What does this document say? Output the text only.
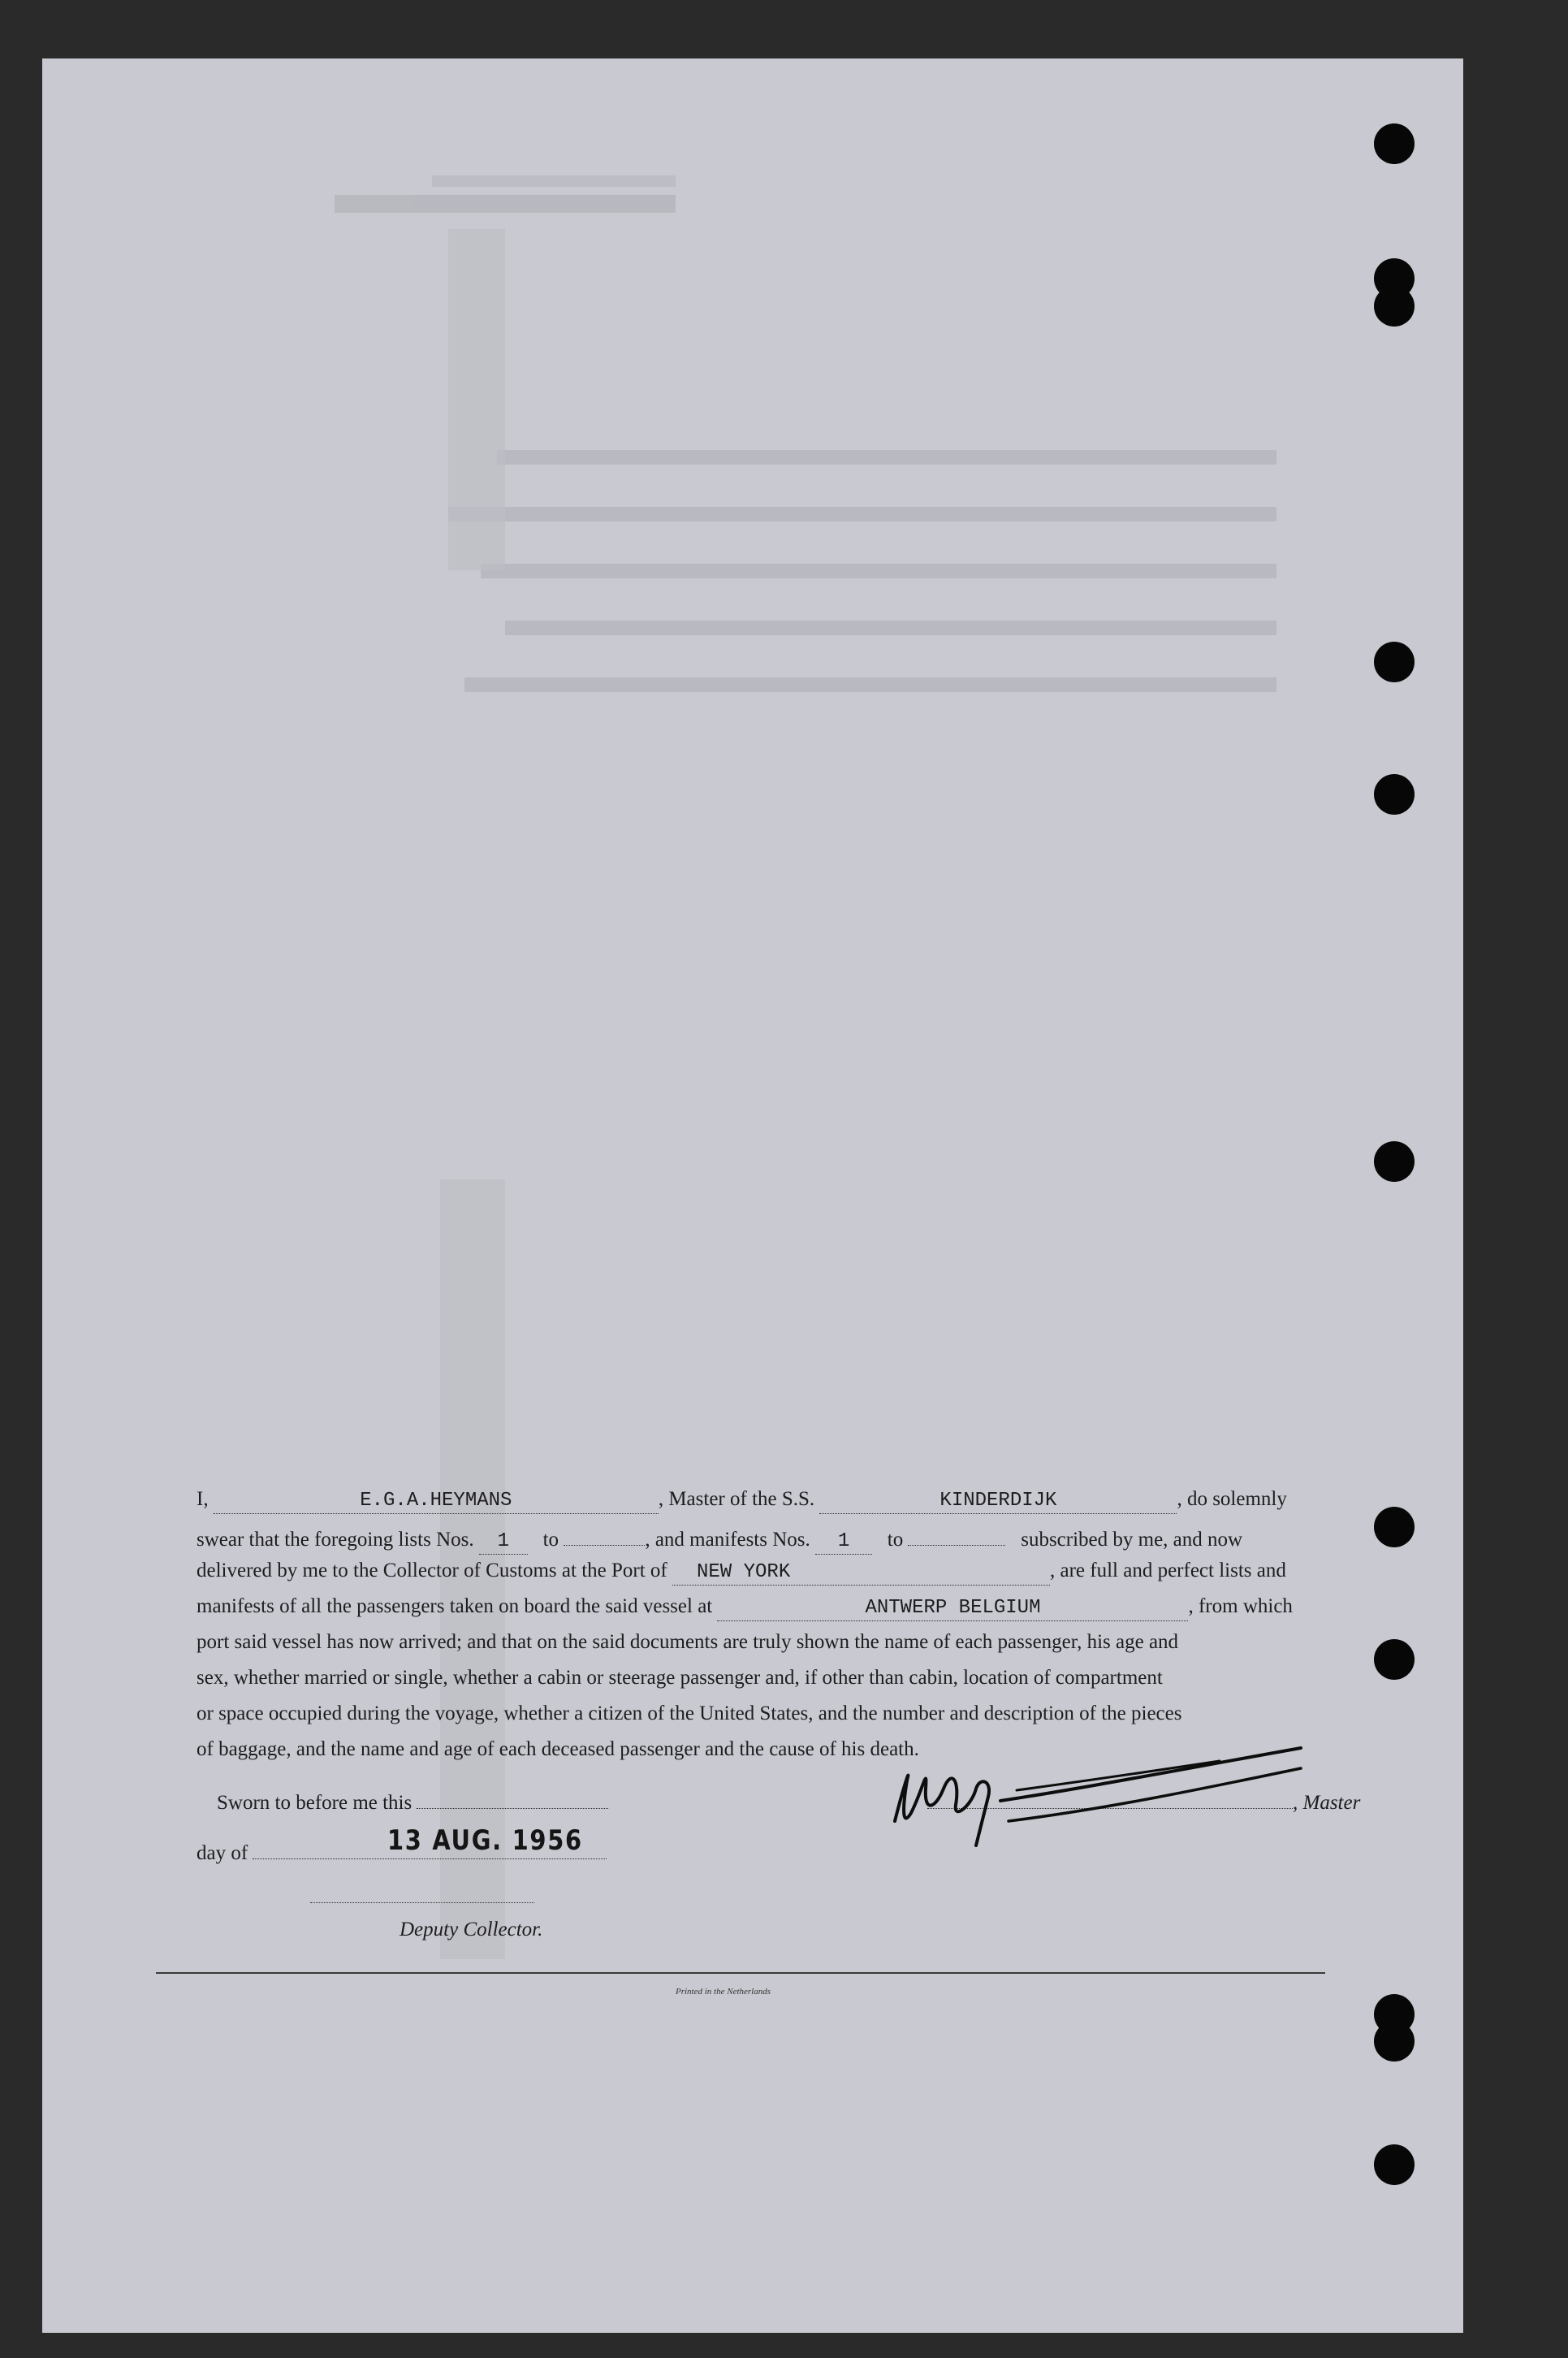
I,	E.G.A.HEYMANS	, Master of the S.S.	KINDERDIJK	, do solemnly
swear that the foregoing lists Nos. 1 to	, and manifests Nos. 1 to	subscribed by me, and now
delivered by me to the Collector of Customs at the Port of NEW YORK	, are full and perfect lists and
manifests of all the passengers taken on board the said vessel at	ANTWERP BELGIUM	, from which
port said vessel has now arrived; and that on the said documents are truly shown the name of each passenger, his age and
sex, whether married or single, whether a cabin or steerage passenger and, if other than cabin, location of compartment
or space occupied during the voyage, whether a citizen of the United States, and the number and description of the pieces
of baggage, and the name and age of each deceased passenger and the cause of his death.
Sworn to before me this	, Master
day of	13 AUG. 1956
Deputy Collector.
Printed in the Netherlands
